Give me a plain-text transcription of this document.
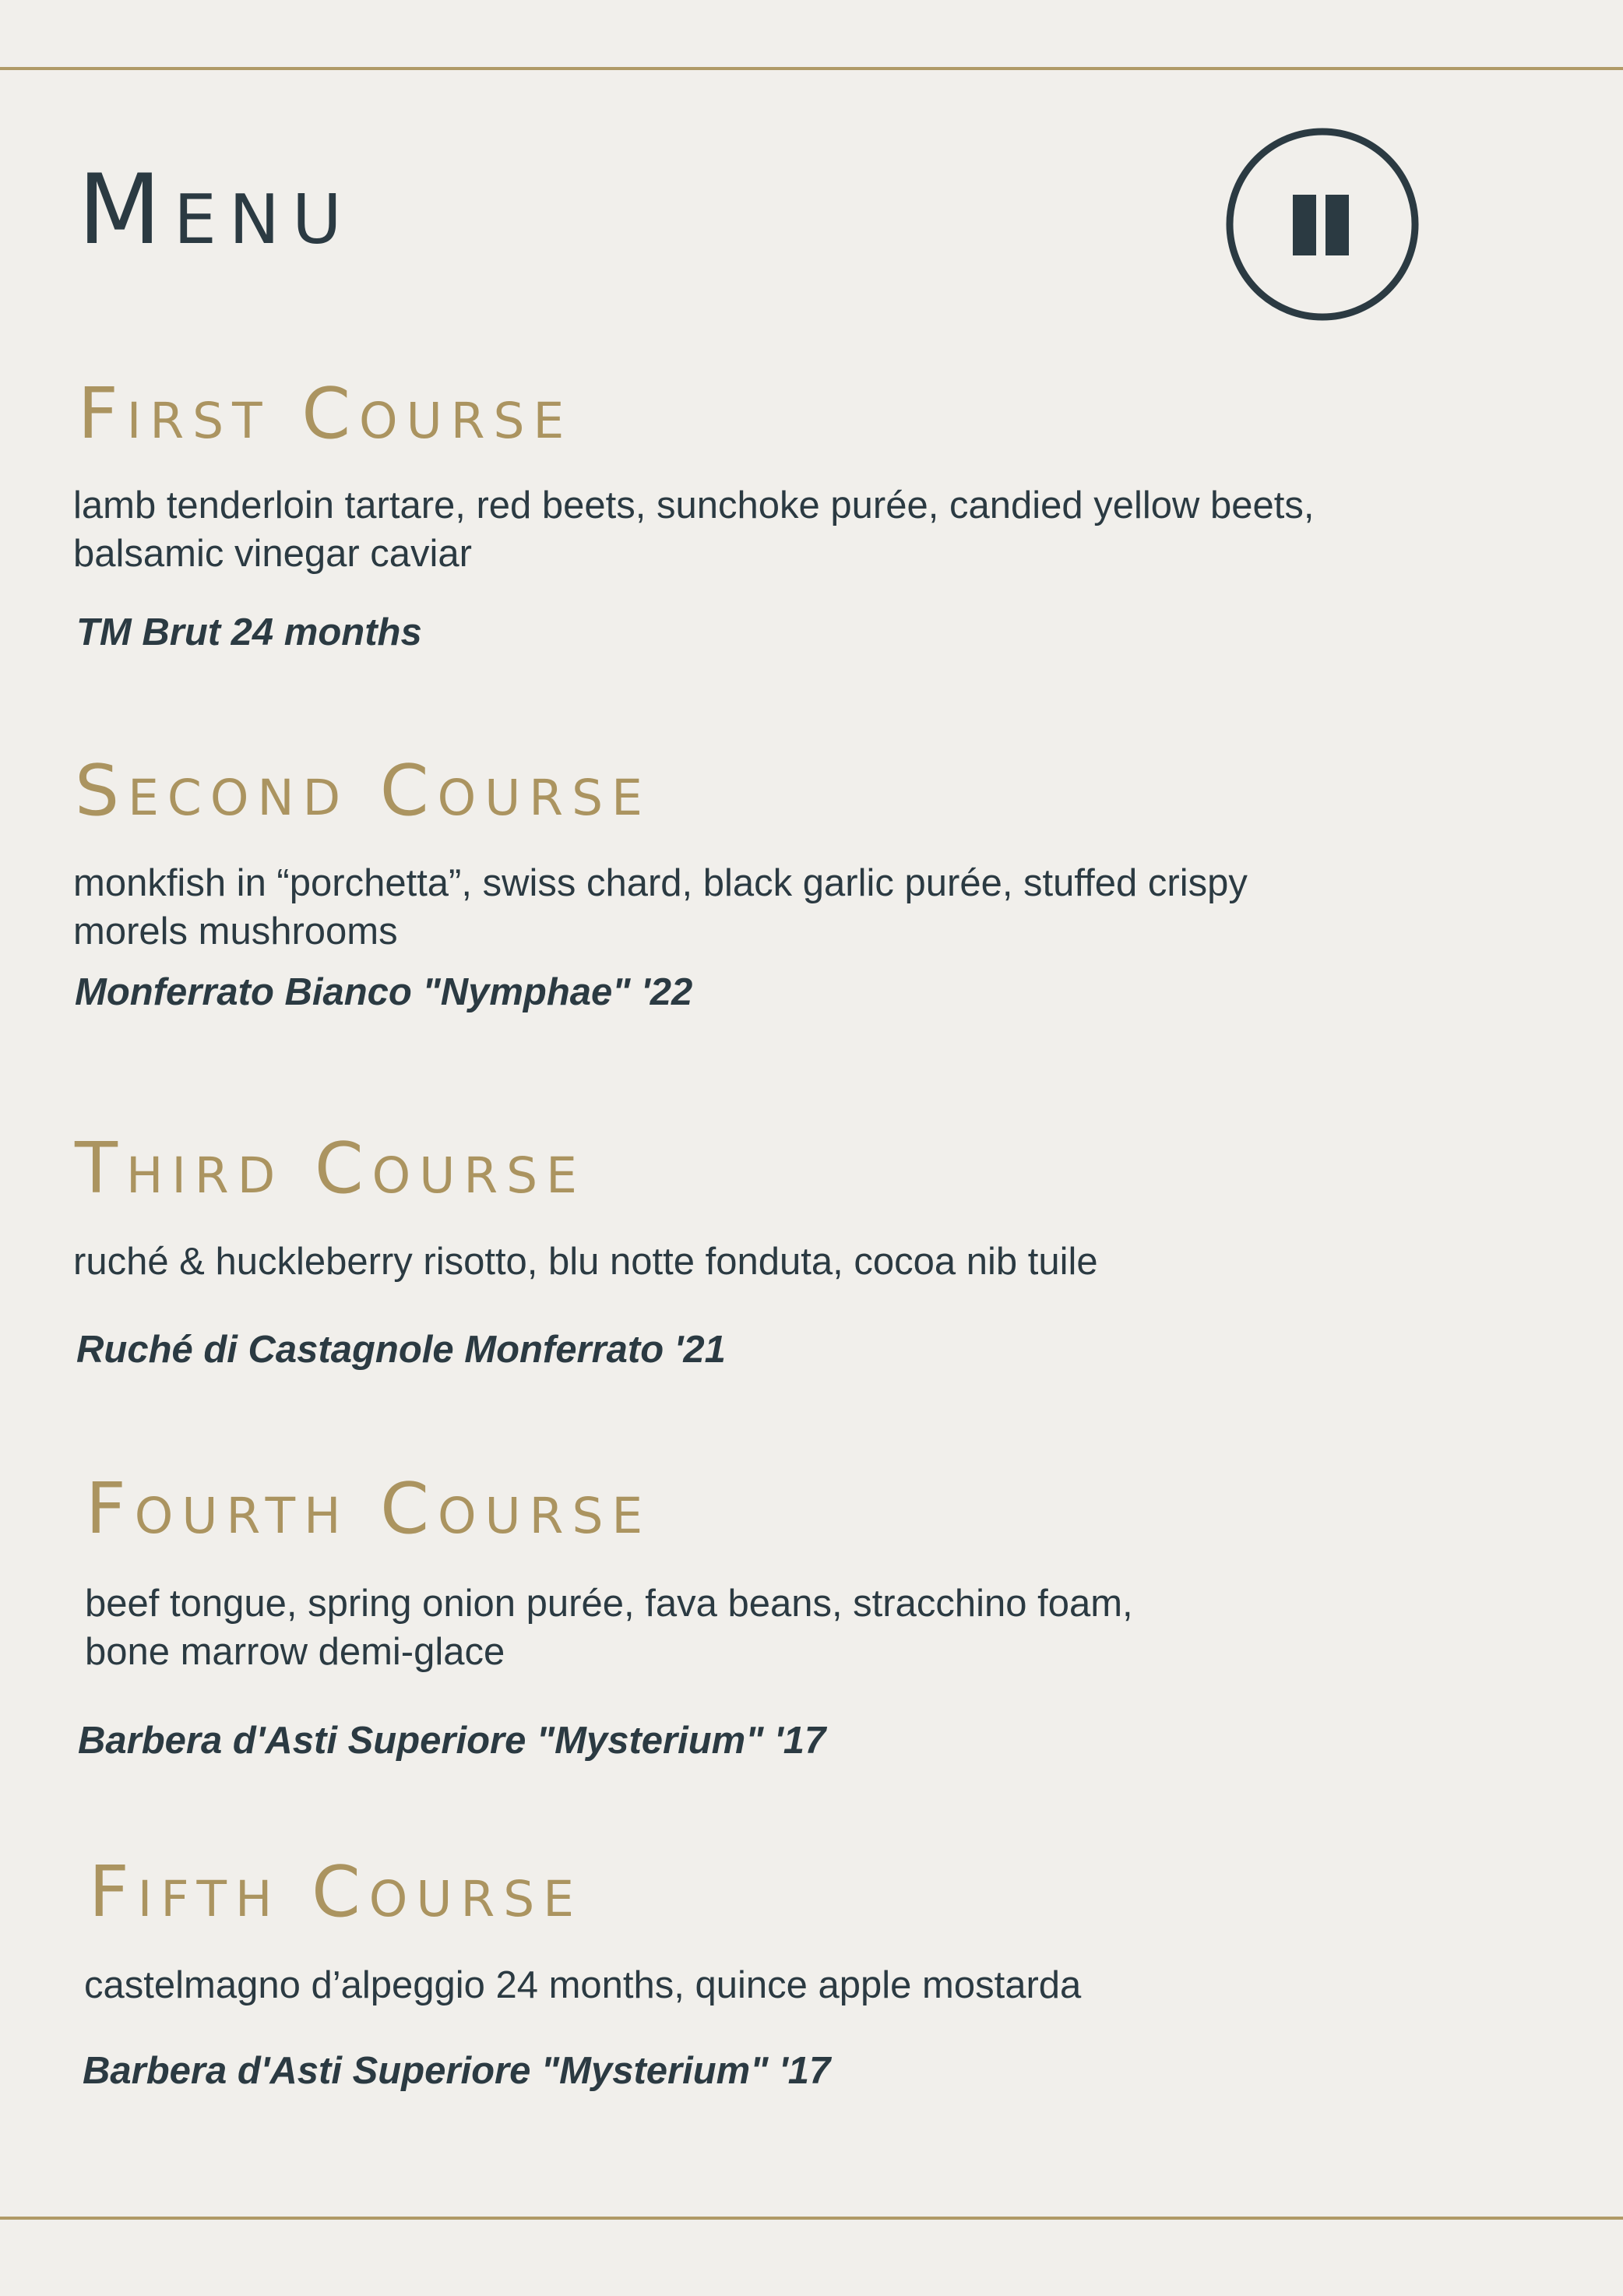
Menu
First Course

lamb tenderloin tartare, red beets, sunchoke purée, candied yellow beets,
balsamic vinegar caviar

TM Brut 24 months

Second Course

monkfish in “porchetta”, swiss chard, black garlic purée, stuffed crispy
morels mushrooms

Monferrato Bianco "Nymphae" '22

Third Course

ruché & huckleberry risotto, blu notte fonduta, cocoa nib tuile

Ruché di Castagnole Monferrato '21

Fourth Course

beef tongue, spring onion purée, fava beans, stracchino foam,
bone marrow demi-glace

Barbera d'Asti Superiore "Mysterium" '17

Fifth Course

castelmagno d’alpeggio 24 months, quince apple mostarda

Barbera d'Asti Superiore "Mysterium" '17
